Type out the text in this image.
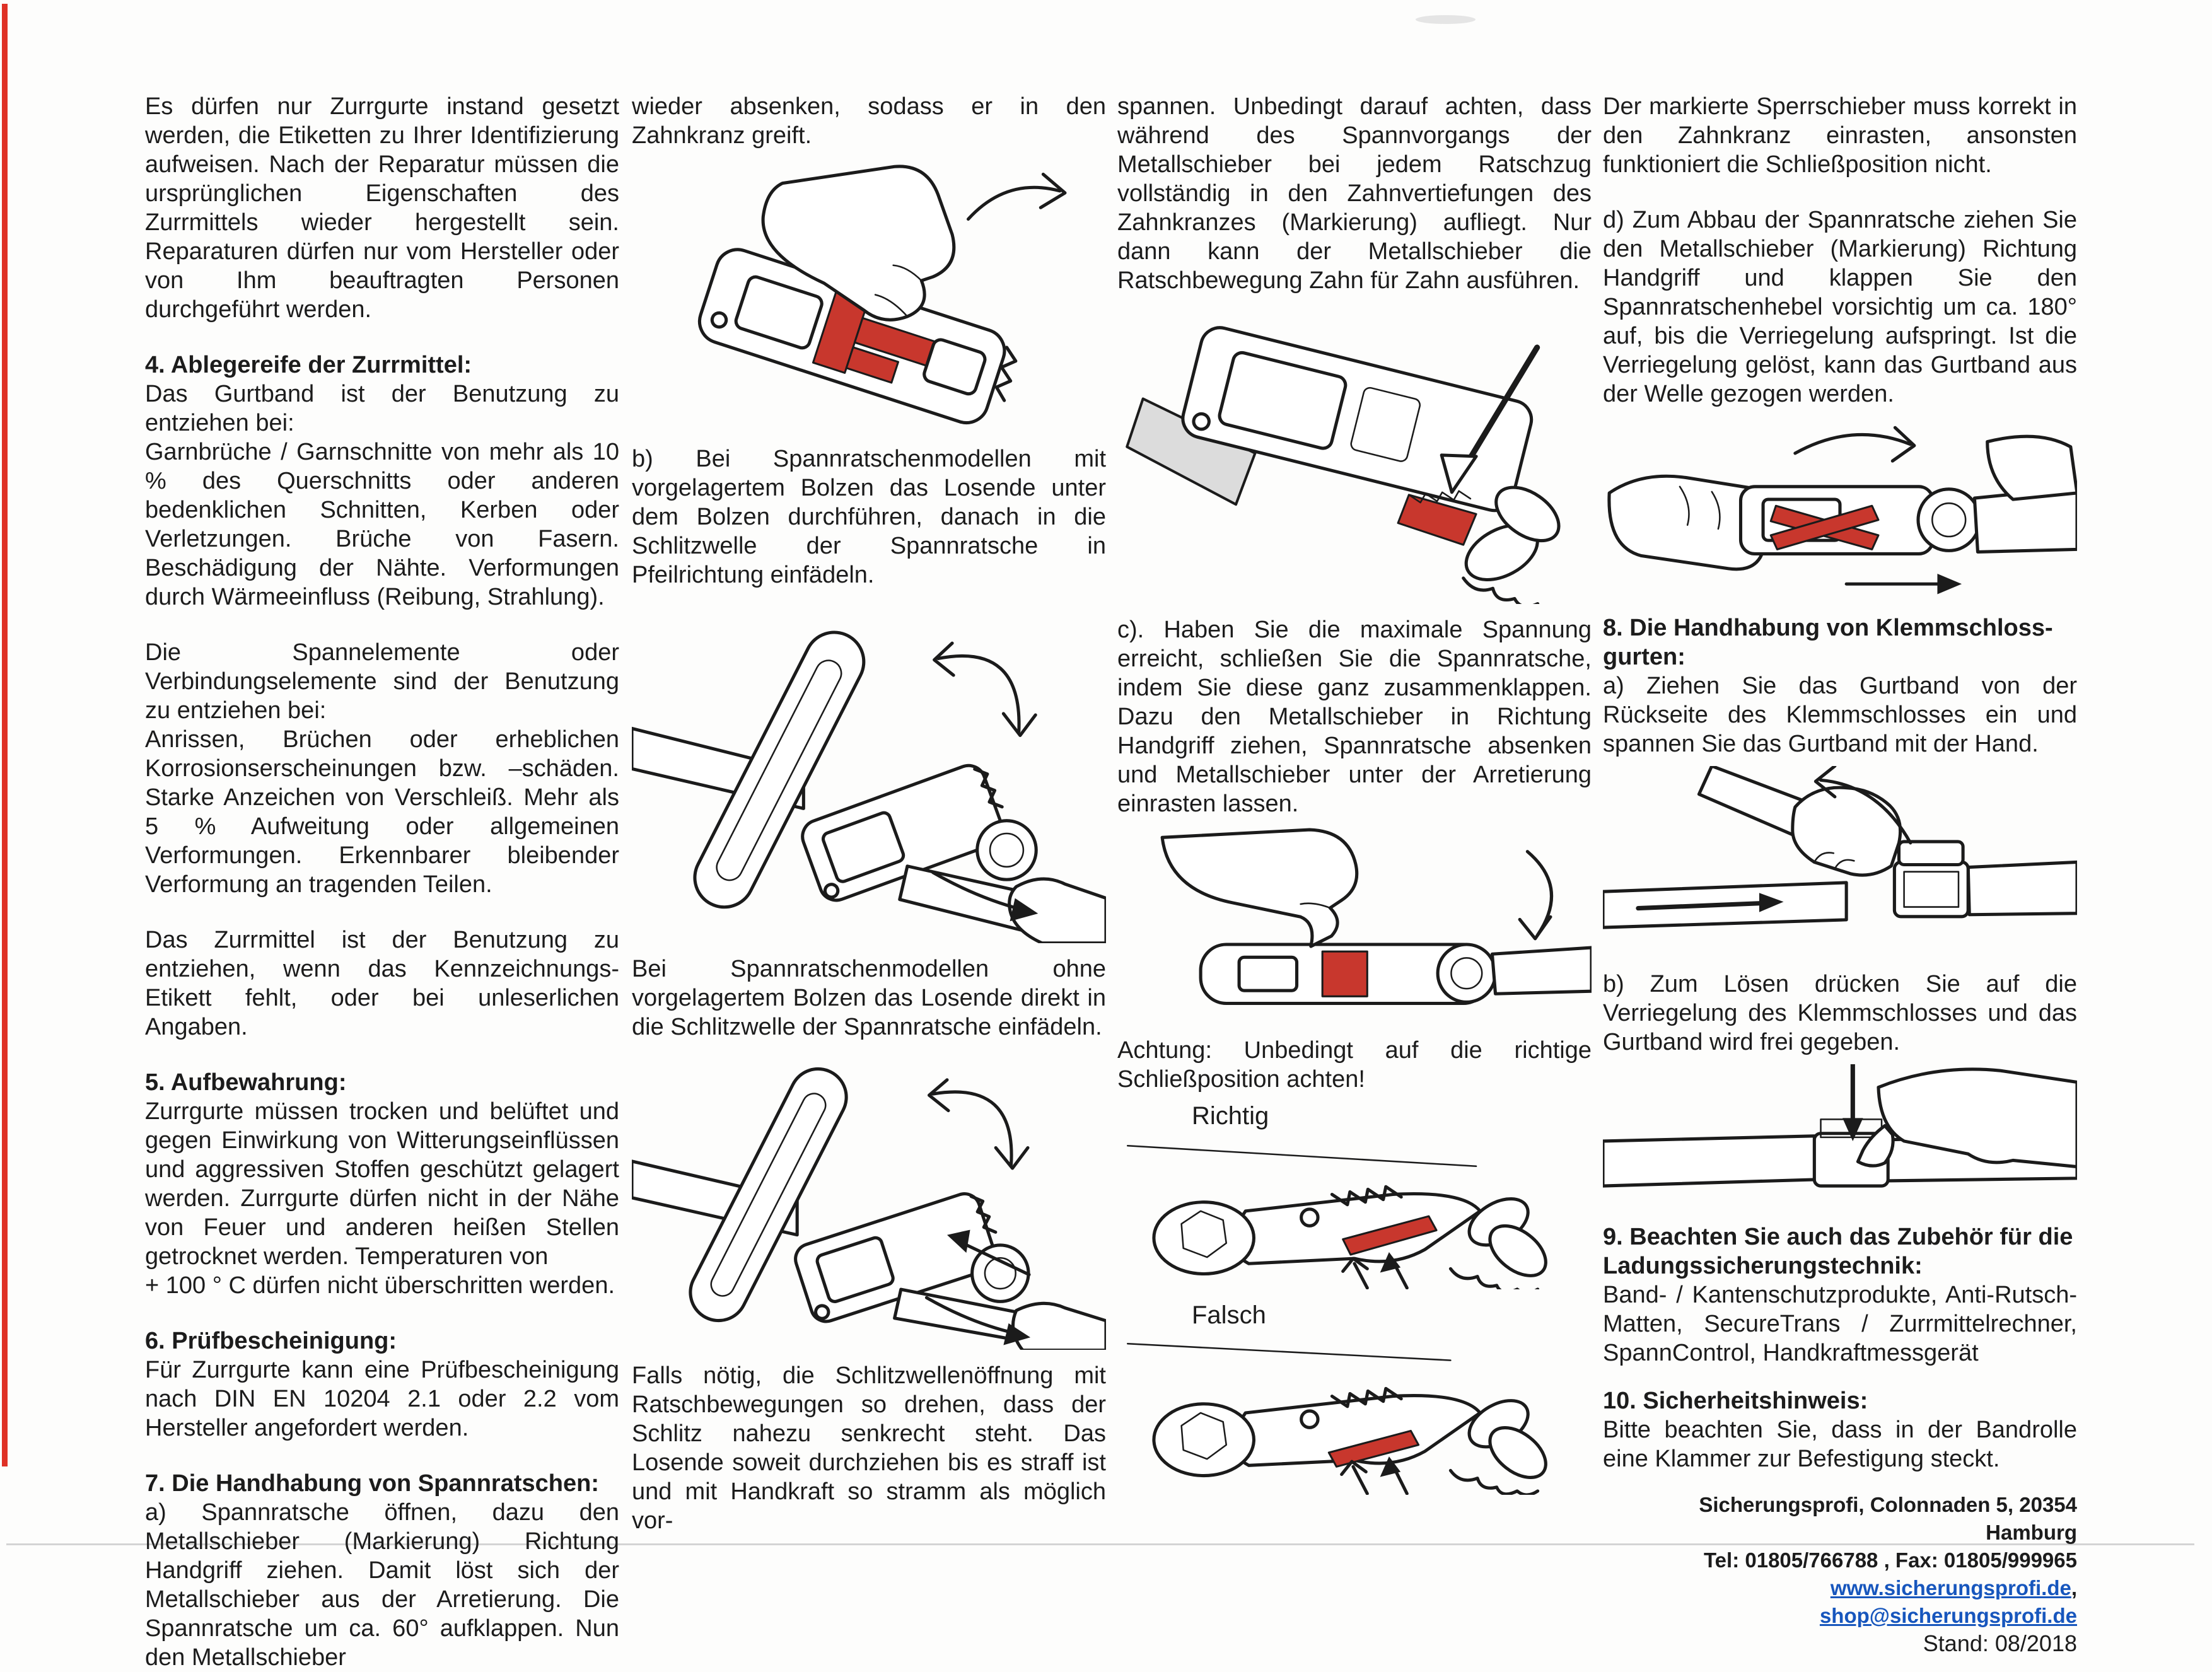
Es dürfen nur Zurrgurte instand gesetzt werden, die Etiketten zu Ihrer Identifizierung aufweisen. Nach der Reparatur müssen die ursprünglichen Eigenschaften des Zurrmittels wieder hergestellt sein. Reparaturen dürfen nur vom Hersteller oder von Ihm beauftragten Personen durchgeführt werden.

4. Ablegereife der Zurrmittel:

Das Gurtband ist der Benutzung zu entziehen bei:

Garnbrüche / Garnschnitte von mehr als 10 % des Querschnitts oder anderen bedenklichen Schnitten, Kerben oder Verletzungen. Brüche von Fasern. Beschädigung der Nähte. Verformungen durch Wärmeeinfluss (Reibung, Strahlung).

Die Spannelemente oder Verbindungselemente sind der Benutzung zu entziehen bei:

Anrissen, Brüchen oder erheblichen Korrosionserscheinungen bzw. –schäden. Starke Anzeichen von Verschleiß. Mehr als 5 % Aufweitung oder allgemeinen Verformungen. Erkennbarer bleibender Verformung an tragenden Teilen.

Das Zurrmittel ist der Benutzung zu entziehen, wenn das Kennzeichnungs-Etikett fehlt, oder bei unleserlichen Angaben.

5. Aufbewahrung:

Zurrgurte müssen trocken und belüftet und gegen Einwirkung von Witterungseinflüssen und aggressiven Stoffen geschützt gelagert werden. Zurrgurte dürfen nicht in der Nähe von Feuer und anderen heißen Stellen getrocknet werden. Temperaturen von

+ 100 ° C dürfen nicht überschritten werden.

6. Prüfbescheinigung:

Für Zurrgurte kann eine Prüfbescheinigung nach DIN EN 10204 2.1 oder 2.2 vom Hersteller angefordert werden.

7. Die Handhabung von Spannratschen:

a) Spannratsche öffnen, dazu den Metallschieber (Markierung) Richtung Handgriff ziehen. Damit löst sich der Metallschieber aus der Arretierung. Die Spannratsche um ca. 60° aufklappen. Nun den Metallschieber

wieder absenken, sodass er in den Zahnkranz greift.

b) Bei Spannratschenmodellen mit vorgelagertem Bolzen das Losende unter dem Bolzen durchführen, danach in die Schlitzwelle der Spannratsche in Pfeilrichtung einfädeln.

Bei Spannratschenmodellen ohne vorgelagertem Bolzen das Losende direkt in die Schlitzwelle der Spannratsche einfädeln.

Falls nötig, die Schlitzwellenöffnung mit Ratschbewegungen so drehen, dass der Schlitz nahezu senkrecht steht. Das Losende soweit durchziehen bis es straff ist und mit Handkraft so stramm als möglich vor-

spannen. Unbedingt darauf achten, dass während des Spannvorgangs der Metallschieber bei jedem Ratschzug vollständig in den Zahnvertiefungen des Zahnkranzes (Markierung) aufliegt. Nur dann kann der Metallschieber die Ratschbewegung Zahn für Zahn ausführen.

c). Haben Sie die maximale Spannung erreicht, schließen Sie die Spannratsche, indem Sie diese ganz zusammenklappen. Dazu den Metallschieber in Richtung Handgriff ziehen, Spannratsche absenken und Metallschieber unter der Arretierung einrasten lassen.

Achtung: Unbedingt auf die richtige Schließposition achten!

Richtig
Falsch

Der markierte Sperrschieber muss korrekt in den Zahnkranz einrasten, ansonsten funktioniert die Schließposition nicht.

d) Zum Abbau der Spannratsche ziehen Sie den Metallschieber (Markierung) Richtung Handgriff und klappen Sie den Spannratschenhebel vorsichtig um ca. 180° auf, bis die Verriegelung aufspringt. Ist die Verriegelung gelöst, kann das Gurtband aus der Welle gezogen werden.

8. Die Handhabung von Klemmschloss-gurten:

a) Ziehen Sie das Gurtband von der Rückseite des Klemmschlosses ein und spannen Sie das Gurtband mit der Hand.

b) Zum Lösen drücken Sie auf die Verriegelung des Klemmschlosses und das Gurtband wird frei gegeben.

9. Beachten Sie auch das Zubehör für die Ladungssicherungstechnik:

Band- / Kantenschutzprodukte, Anti-Rutsch-Matten, SecureTrans / Zurrmittelrechner, SpannControl, Handkraftmessgerät

10. Sicherheitshinweis:

Bitte beachten Sie, dass in der Bandrolle eine Klammer zur Befestigung steckt.

Sicherungsprofi, Colonnaden 5, 20354 Hamburg
Tel: 01805/766788 , Fax: 01805/999965
www.sicherungsprofi.de, shop@sicherungsprofi.de
Stand: 08/2018
